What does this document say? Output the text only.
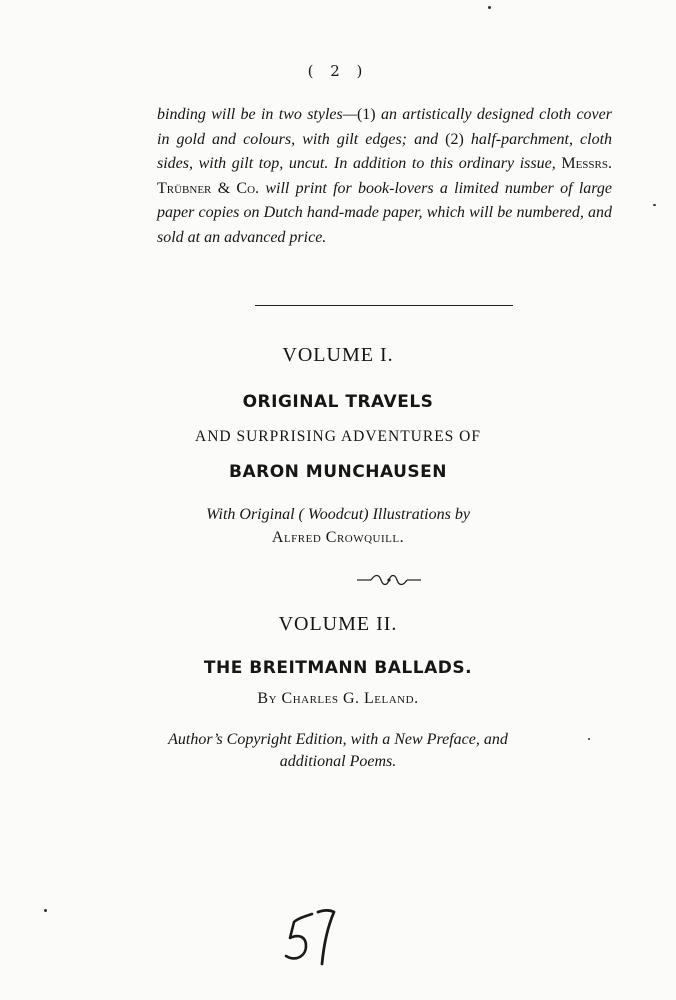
( 2 )

binding will be in two styles—(1) an artistically designed cloth cover in gold and colours, with gilt edges; and (2) half-parchment, cloth sides, with gilt top, uncut. In addition to this ordinary issue, Messrs. Trübner & Co. will print for book-lovers a limited number of large paper copies on Dutch hand-made paper, which will be numbered, and sold at an advanced price.

VOLUME I.
ORIGINAL TRAVELS
AND SURPRISING ADVENTURES OF
BARON MUNCHAUSEN
With Original ( Woodcut) Illustrations by
Alfred Crowquill.
VOLUME II.
THE BREITMANN BALLADS.
By Charles G. Leland.
Author’s Copyright Edition, with a New Preface, and
additional Poems.
